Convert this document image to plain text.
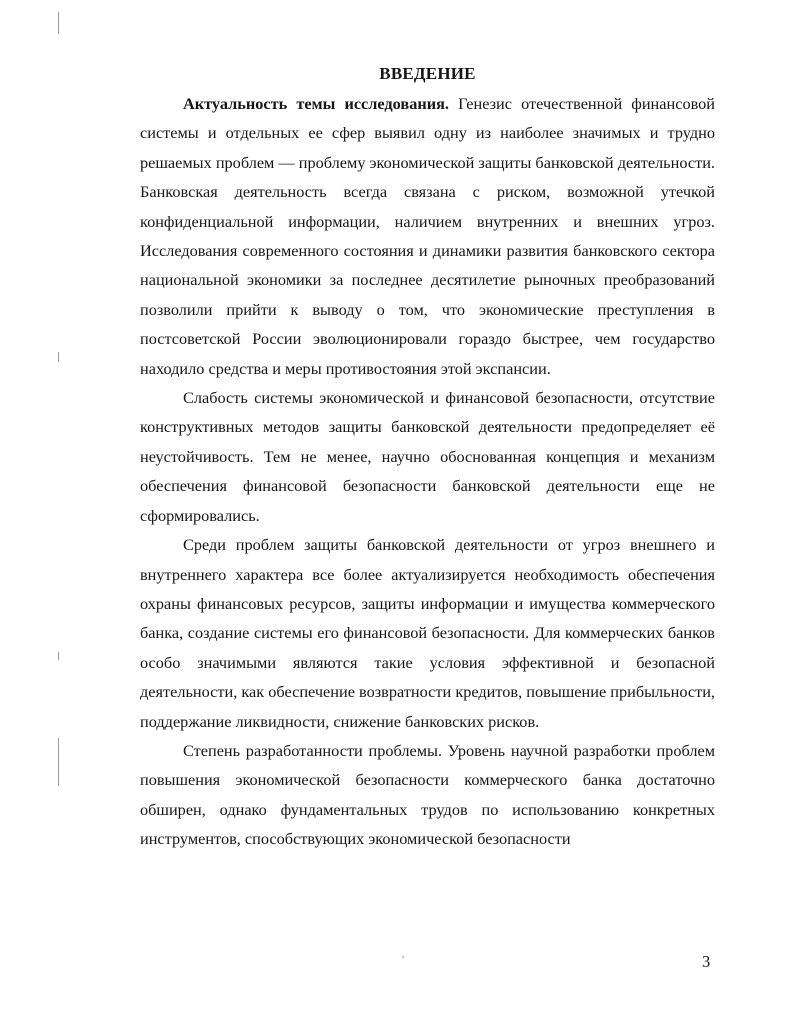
ВВЕДЕНИЕ

Актуальность темы исследования. Генезис отечественной финансовой системы и отдельных ее сфер выявил одну из наиболее значимых и трудно решаемых проблем — проблему экономической защиты банковской деятельности. Банковская деятельность всегда связана с риском, возможной утечкой конфиденциальной информации, наличием внутренних и внешних угроз. Исследования современного состояния и динамики развития банковского сектора национальной экономики за последнее десятилетие рыночных преобразований позволили прийти к выводу о том, что экономические преступления в постсоветской России эволюционировали гораздо быстрее, чем государство находило средства и меры противостояния этой экспансии.

Слабость системы экономической и финансовой безопасности, отсутствие конструктивных методов защиты банковской деятельности предопределяет её неустойчивость. Тем не менее, научно обоснованная концепция и механизм обеспечения финансовой безопасности банковской деятельности еще не сформировались.

Среди проблем защиты банковской деятельности от угроз внешнего и внутреннего характера все более актуализируется необходимость обеспечения охраны финансовых ресурсов, защиты информации и имущества коммерческого банка, создание системы его финансовой безопасности. Для коммерческих банков особо значимыми являются такие условия эффективной и безопасной деятельности, как обеспечение возвратности кредитов, повышение прибыльности, поддержание ликвидности, снижение банковских рисков.

Степень разработанности проблемы. Уровень научной разработки проблем повышения экономической безопасности коммерческого банка достаточно обширен, однако фундаментальных трудов по использованию конкретных инструментов, способствующих экономической безопасности

3
